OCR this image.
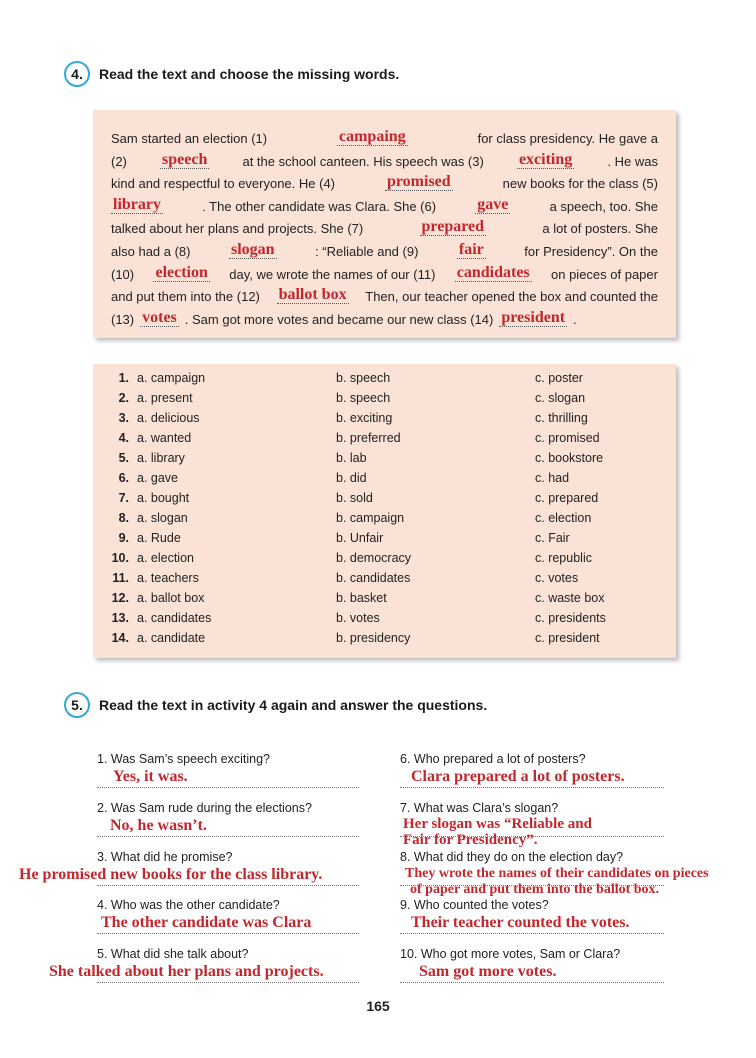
4. Read the text and choose the missing words.
Sam started an election (1)	campaing	for class presidency. He gave a
(2) speech	at the school canteen. His speech was (3) exciting	. He was
kind and respectful to everyone. He (4)	promised	new books for the class (5)
library	. The other candidate was Clara. She (6)	gave	a speech, too. She
talked about her plans and projects. She (7)	prepared	a lot of posters. She
also had a (8)	slogan	: “Reliable and (9)	fair	for Presidency”. On the
(10) election day, we wrote the names of our (11) candidates on pieces of paper
and put them into the (12) ballot box Then, our teacher opened the box and counted the
(13) votes . Sam got more votes and became our new class (14) president .
1. a. campaign	b. speech	c. poster
2. a. present	b. speech	c. slogan
3. a. delicious	b. exciting	c. thrilling
4. a. wanted	b. preferred	c. promised
5. a. library	b. lab	c. bookstore
6. a. gave	b. did	c. had
7. a. bought	b. sold	c. prepared
8. a. slogan	b. campaign	c. election
9. a. Rude	b. Unfair	c. Fair
10. a. election	b. democracy	c. republic
11. a. teachers	b. candidates	c. votes
12. a. ballot box	b. basket	c. waste box
13. a. candidates	b. votes	c. presidents
14. a. candidate	b. presidency	c. president
5. Read the text in activity 4 again and answer the questions.
1. Was Sam’s speech exciting?
Yes, it was.
2. Was Sam rude during the elections?
No, he wasn’t.
3. What did he promise?
He promised new books for the class library.
4. Who was the other candidate?
The other candidate was Clara
5. What did she talk about?
She talked about her plans and projects.
6. Who prepared a lot of posters?
Clara prepared a lot of posters.
7. What was Clara’s slogan?
Her slogan was “Reliable and
Fair for Presidency”.
8. What did they do on the election day?
They wrote the names of their candidates on pieces
of paper and put them into the ballot box.
9. Who counted the votes?
Their teacher counted the votes.
10. Who got more votes, Sam or Clara?
Sam got more votes.
165
